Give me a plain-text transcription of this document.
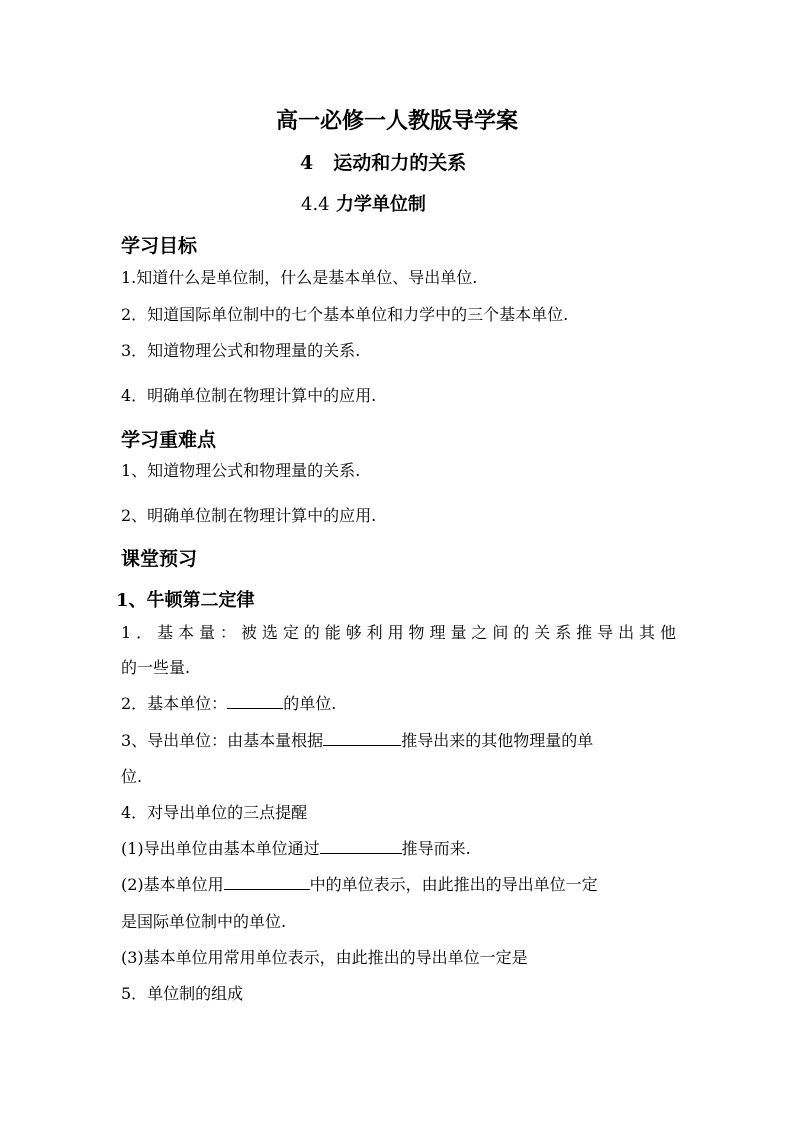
高一必修一人教版导学案
4 运动和力的关系
4.4 力学单位制
学习目标
1.知道什么是单位制，什么是基本单位、导出单位.
2．知道国际单位制中的七个基本单位和力学中的三个基本单位.
3．知道物理公式和物理量的关系.
4．明确单位制在物理计算中的应用.
学习重难点
1、知道物理公式和物理量的关系.
2、明确单位制在物理计算中的应用.
课堂预习
1、牛顿第二定律
1．基本量：被选定的能够利用物理量之间的关系推导出其他
的一些量.
2．基本单位：	的单位.
3、导出单位：由基本量根据	推导出来的其他物理量的单
位.
4．对导出单位的三点提醒
(1)导出单位由基本单位通过	推导而来.
(2)基本单位用	中的单位表示，由此推出的导出单位一定
是国际单位制中的单位.
(3)基本单位用常用单位表示，由此推出的导出单位一定是
5．单位制的组成
